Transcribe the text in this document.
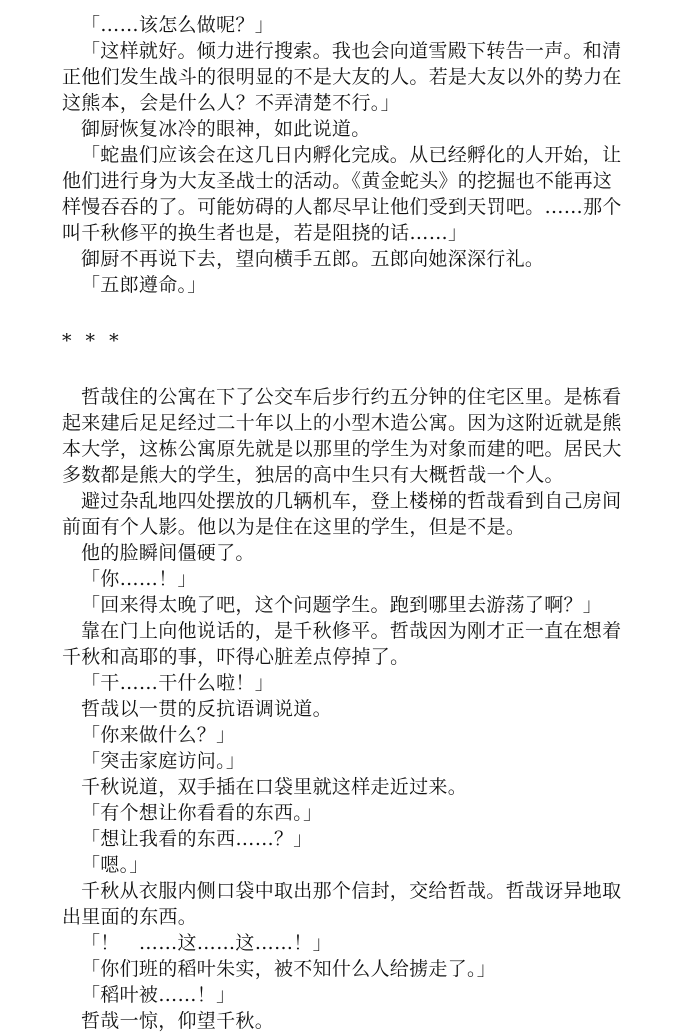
「……该怎么做呢？」
「这样就好。倾力进行搜索。我也会向道雪殿下转告一声。和清
正他们发生战斗的很明显的不是大友的人。若是大友以外的势力在
这熊本，会是什么人？不弄清楚不行。」
御厨恢复冰冷的眼神，如此说道。
「蛇蛊们应该会在这几日内孵化完成。从已经孵化的人开始，让
他们进行身为大友圣战士的活动。《黄金蛇头》的挖掘也不能再这
样慢吞吞的了。可能妨碍的人都尽早让他们受到天罚吧。……那个
叫千秋修平的换生者也是，若是阻挠的话……」
御厨不再说下去，望向横手五郎。五郎向她深深行礼。
「五郎遵命。」
* * *
哲哉住的公寓在下了公交车后步行约五分钟的住宅区里。是栋看
起来建后足足经过二十年以上的小型木造公寓。因为这附近就是熊
本大学，这栋公寓原先就是以那里的学生为对象而建的吧。居民大
多数都是熊大的学生，独居的高中生只有大概哲哉一个人。
避过杂乱地四处摆放的几辆机车，登上楼梯的哲哉看到自己房间
前面有个人影。他以为是住在这里的学生，但是不是。
他的脸瞬间僵硬了。
「你……！」
「回来得太晚了吧，这个问题学生。跑到哪里去游荡了啊？」
靠在门上向他说话的，是千秋修平。哲哉因为刚才正一直在想着
千秋和高耶的事，吓得心脏差点停掉了。
「干……干什么啦！」
哲哉以一贯的反抗语调说道。
「你来做什么？」
「突击家庭访问。」
千秋说道，双手插在口袋里就这样走近过来。
「有个想让你看看的东西。」
「想让我看的东西……？」
「嗯。」
千秋从衣服内侧口袋中取出那个信封，交给哲哉。哲哉讶异地取
出里面的东西。
「！　……这……这……！」
「你们班的稻叶朱实，被不知什么人给掳走了。」
「稻叶被……！」
哲哉一惊，仰望千秋。
